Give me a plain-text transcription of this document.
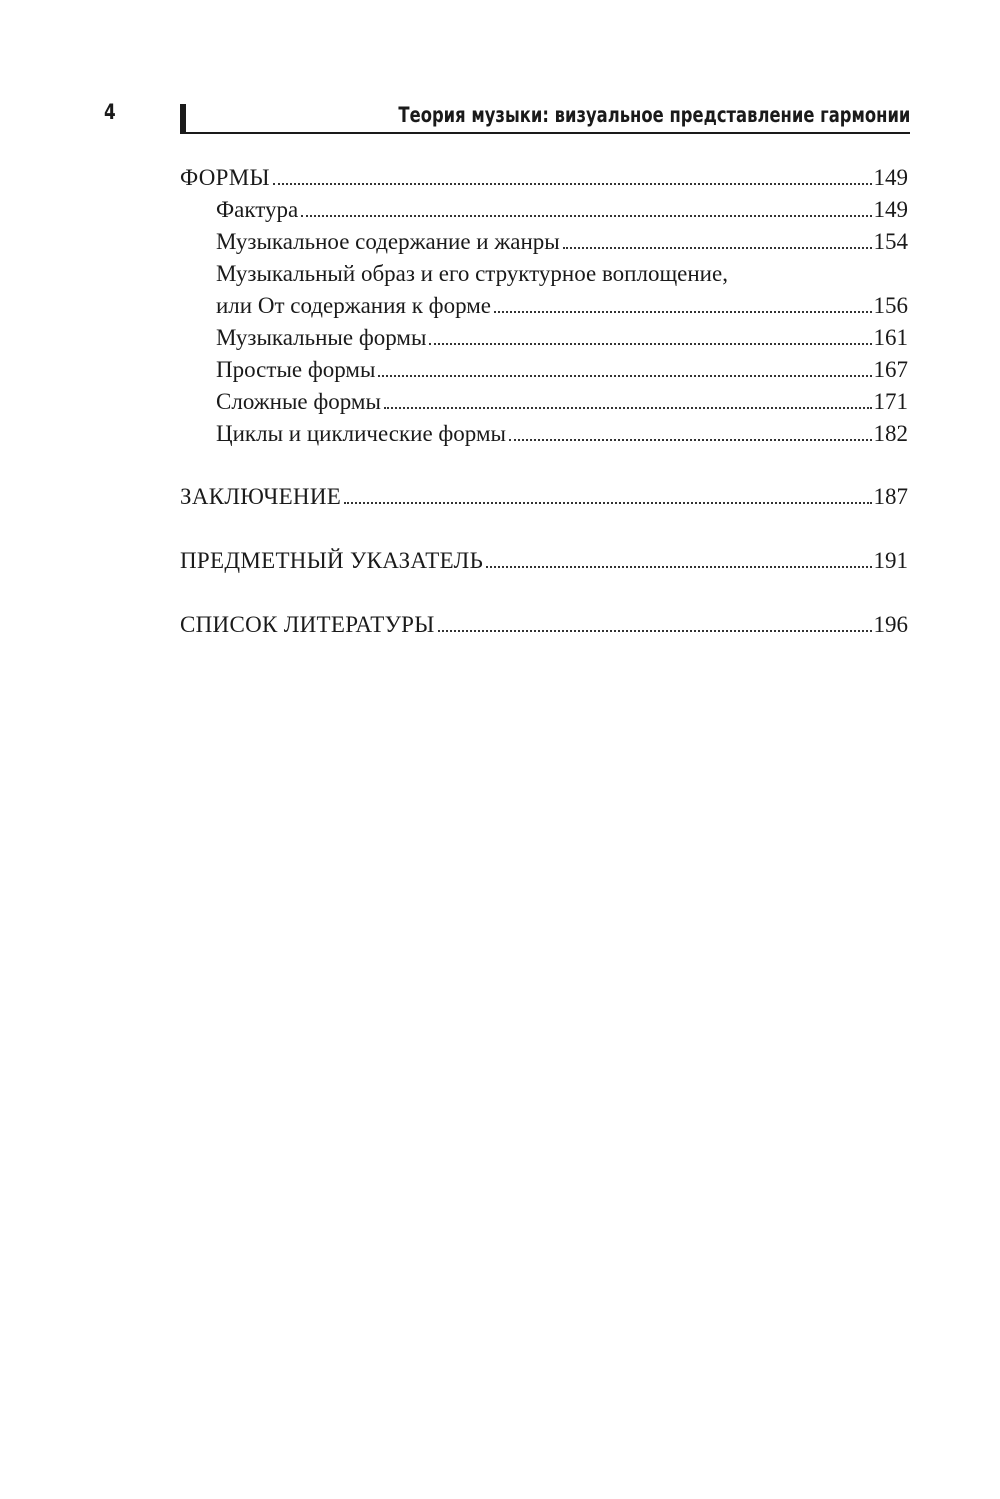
4	Теория музыки: визуальное представление гармонии
ФОРМЫ	149
Фактура	149
Музыкальное содержание и жанры	154
Музыкальный образ и его структурное воплощение,
или От содержания к форме	156
Музыкальные формы	161
Простые формы	167
Сложные формы	171
Циклы и циклические формы	182
ЗАКЛЮЧЕНИЕ	187
ПРЕДМЕТНЫЙ УКАЗАТЕЛЬ	191
СПИСОК ЛИТЕРАТУРЫ	196
